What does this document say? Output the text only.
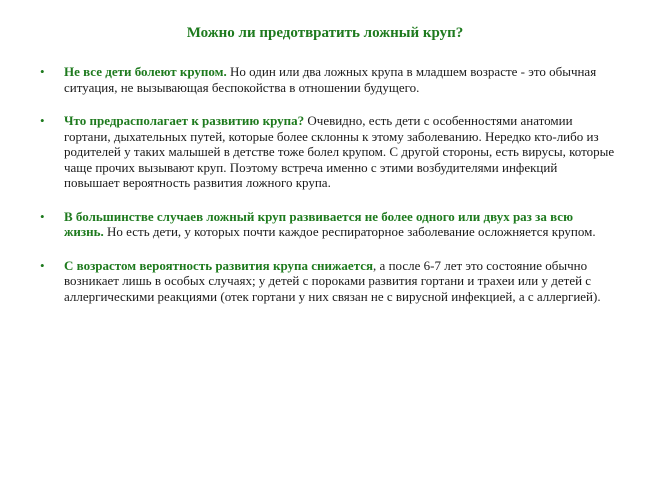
Можно ли предотвратить ложный круп?
• Не все дети болеют крупом. Но один или два ложных крупа в младшем возрасте - это обычная ситуация, не вызывающая беспокойства в отношении будущего.
• Что предрасполагает к развитию крупа? Очевидно, есть дети с особенностями анатомии гортани, дыхательных путей, которые более склонны к этому заболеванию. Нередко кто-либо из родителей у таких малышей в детстве тоже болел крупом. С другой стороны, есть вирусы, которые чаще прочих вызывают круп. Поэтому встреча именно с этими возбудителями инфекций повышает вероятность развития ложного крупа.
• В большинстве случаев ложный круп развивается не более одного или двух раз за всю жизнь. Но есть дети, у которых почти каждое респираторное заболевание осложняется крупом.
• С возрастом вероятность развития крупа снижается, а после 6-7 лет это состояние обычно возникает лишь в особых случаях; у детей с пороками развития гортани и трахеи или у детей с аллергическими реакциями (отек гортани у них связан не с вирусной инфекцией, а с аллергией).
